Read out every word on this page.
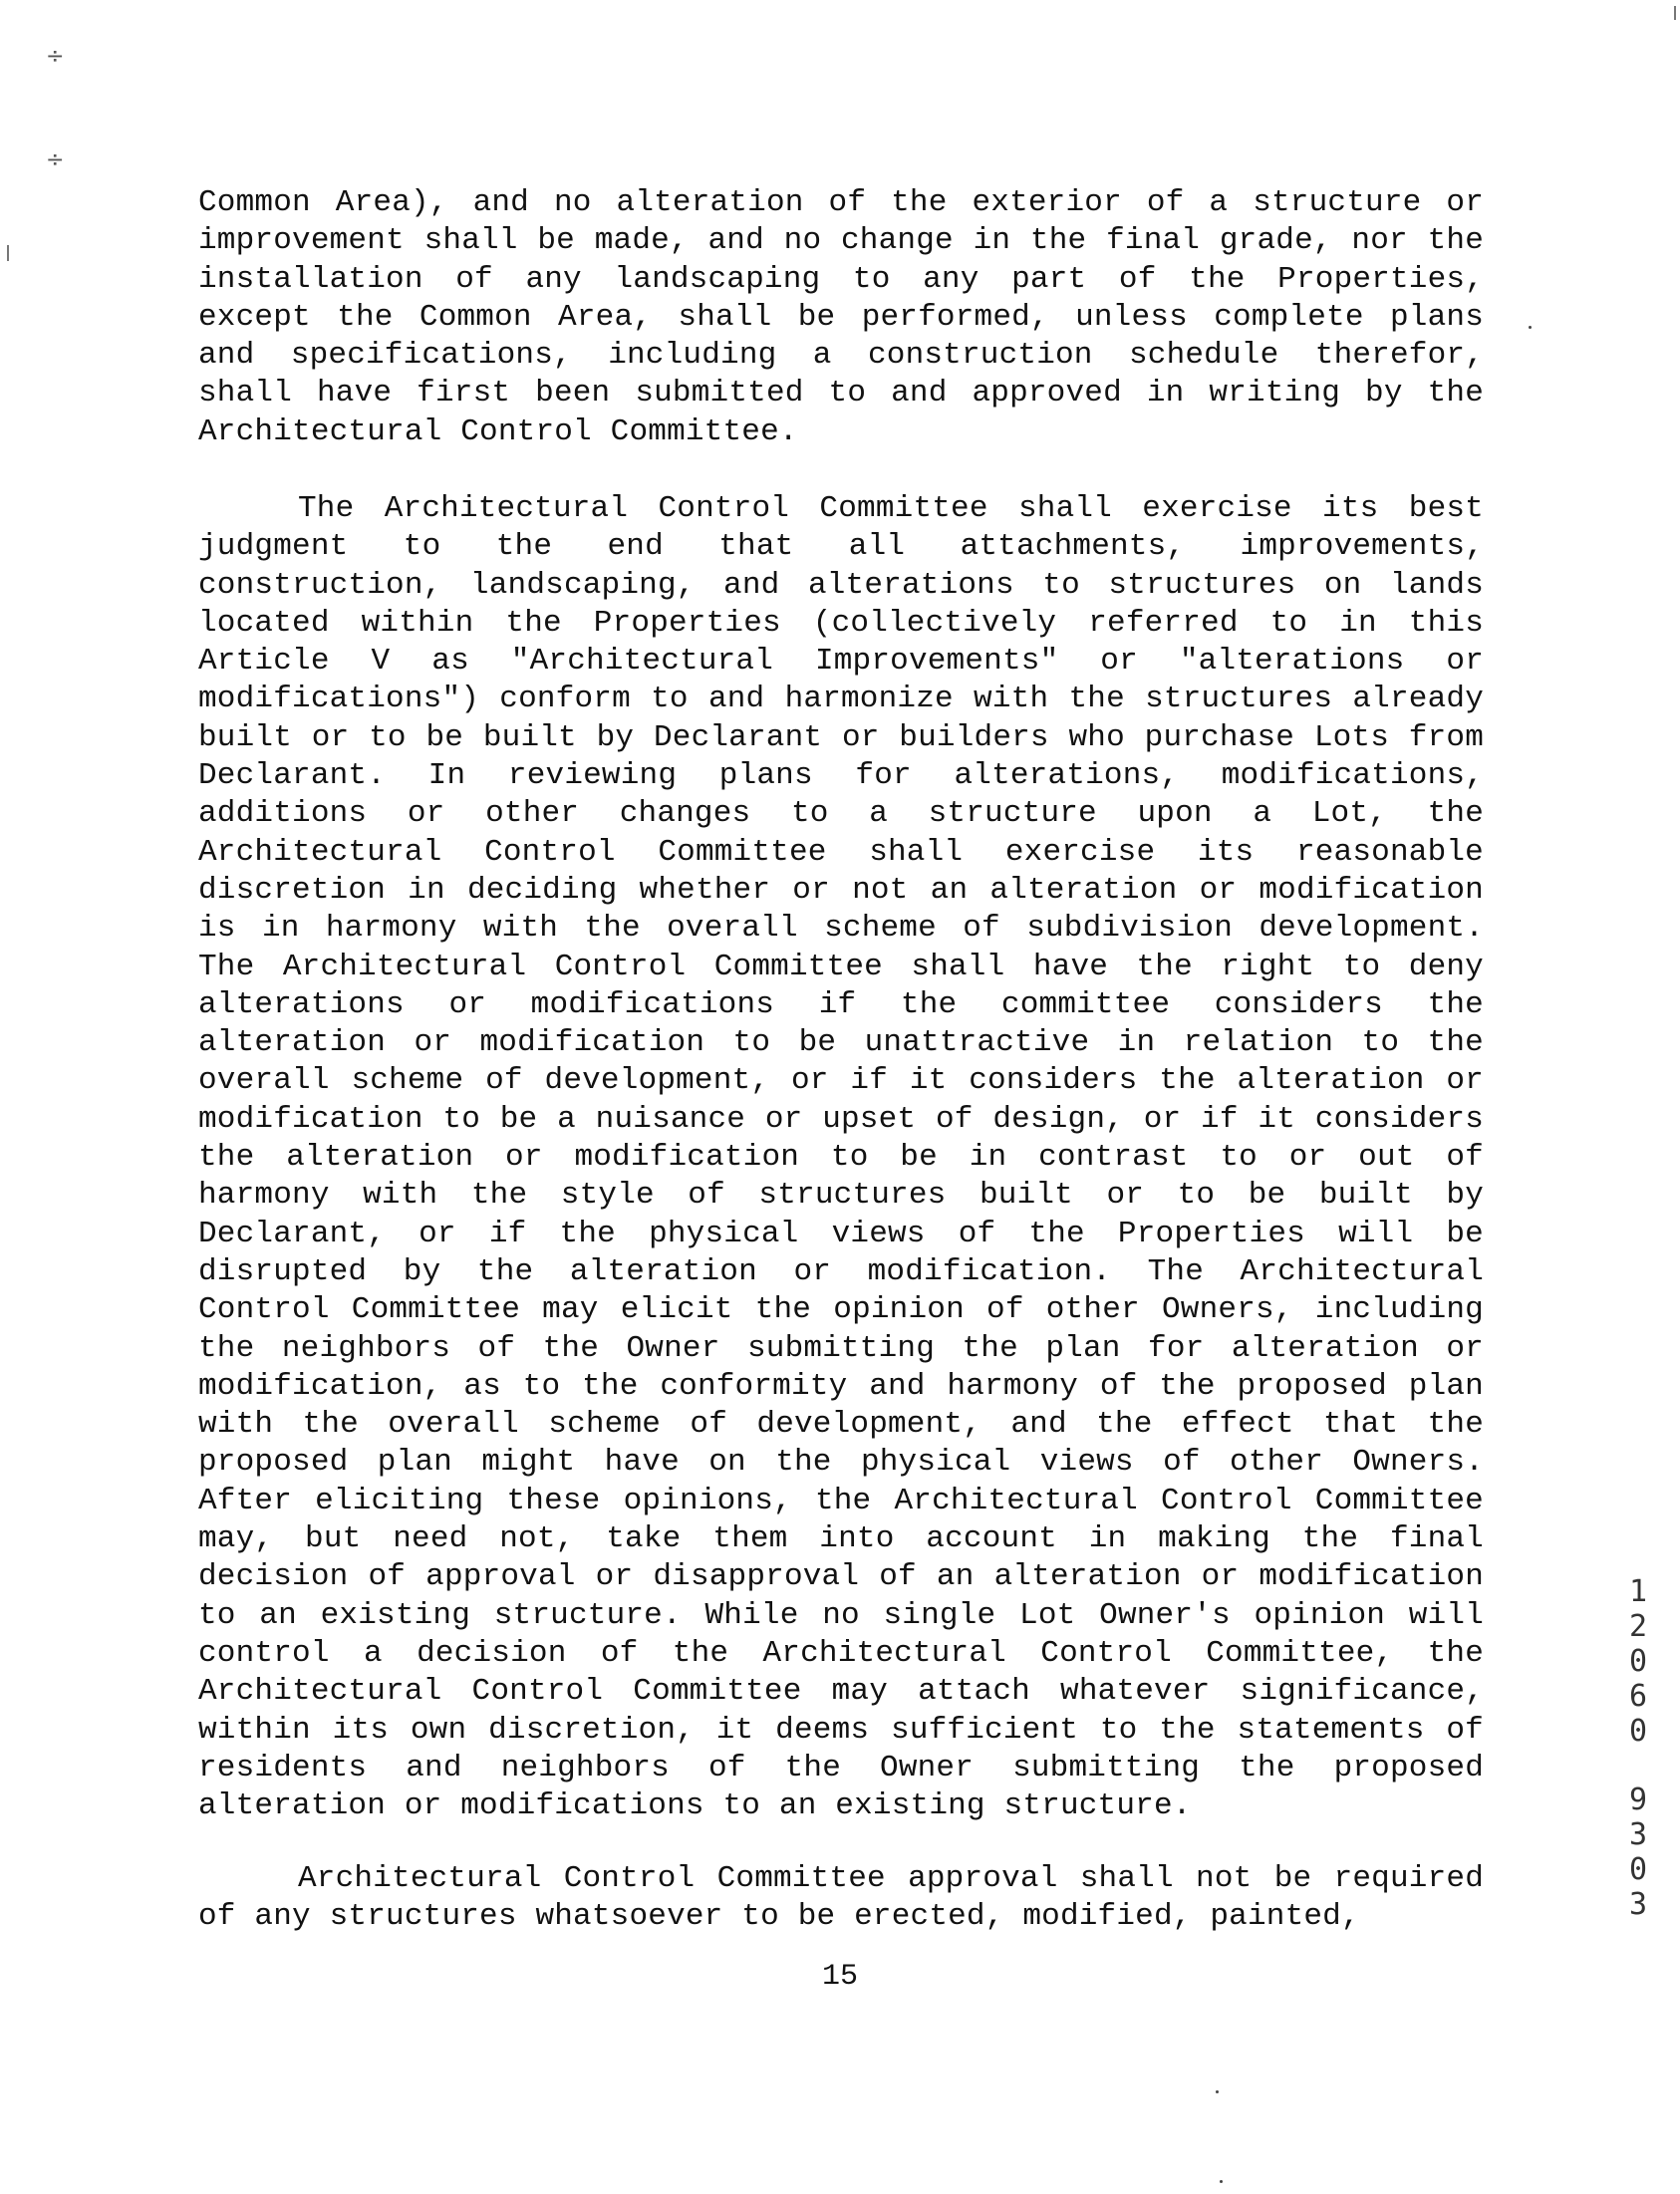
÷
÷

Common Area), and no alteration of the exterior of a structure or improvement shall be made, and no change in the final grade, nor the installation of any landscaping to any part of the Properties, except the Common Area, shall be performed, unless complete plans and specifications, including a construction schedule therefor, shall have first been submitted to and approved in writing by the Architectural Control Committee.

The Architectural Control Committee shall exercise its best judgment to the end that all attachments, improvements, construction, landscaping, and alterations to structures on lands located within the Properties (collectively referred to in this Article V as "Architectural Improvements" or "alterations or modifications") conform to and harmonize with the structures already built or to be built by Declarant or builders who purchase Lots from Declarant. In reviewing plans for alterations, modifications, additions or other changes to a structure upon a Lot, the Architectural Control Committee shall exercise its reasonable discretion in deciding whether or not an alteration or modification is in harmony with the overall scheme of subdivision development. The Architectural Control Committee shall have the right to deny alterations or modifications if the committee considers the alteration or modification to be unattractive in relation to the overall scheme of development, or if it considers the alteration or modification to be a nuisance or upset of design, or if it considers the alteration or modification to be in contrast to or out of harmony with the style of structures built or to be built by Declarant, or if the physical views of the Properties will be disrupted by the alteration or modification. The Architectural Control Committee may elicit the opinion of other Owners, including the neighbors of the Owner submitting the plan for alteration or modification, as to the conformity and harmony of the proposed plan with the overall scheme of development, and the effect that the proposed plan might have on the physical views of other Owners. After eliciting these opinions, the Architectural Control Committee may, but need not, take them into account in making the final decision of approval or disapproval of an alteration or modification to an existing structure. While no single Lot Owner's opinion will control a decision of the Architectural Control Committee, the Architectural Control Committee may attach whatever significance, within its own discretion, it deems sufficient to the statements of residents and neighbors of the Owner submitting the proposed alteration or modifications to an existing structure.

Architectural Control Committee approval shall not be required of any structures whatsoever to be erected, modified, painted,

15
1
2
0
6
0
9
3
0
3
